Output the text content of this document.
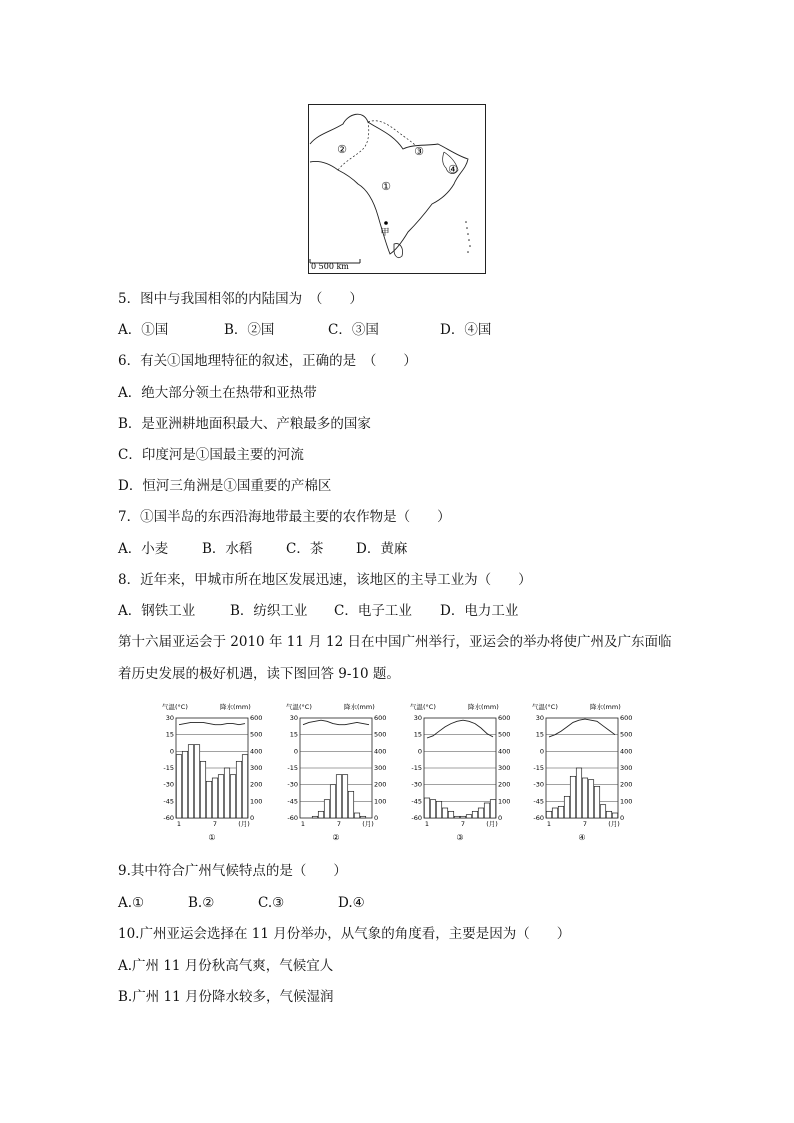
①
②	③
④
甲
0 500 km
5．图中与我国相邻的内陆国为　（　　）
A．①国	B．②国	C．③国	D．④国
6．有关①国地理特征的叙述，正确的是　（　　）
A．绝大部分领土在热带和亚热带
B．是亚洲耕地面积最大、产粮最多的国家
C．印度河是①国最主要的河流
D．恒河三角洲是①国重要的产棉区
7．①国半岛的东西沿海地带最主要的农作物是（　　）
A．小麦	B．水稻	C．茶	D．黄麻
8．近年来，甲城市所在地区发展迅速，该地区的主导工业为（　　）
A．钢铁工业	B．纺织工业	C．电子工业	D．电力工业
第十六届亚运会于 2010 年 11 月 12 日在中国广州举行，亚运会的举办将使广州及广东面临
着历史发展的极好机遇，读下图回答 9-10 题。
气温(°C)	降水(mm)
30	600
15	500
0	400
-15	300
-30	200
-45	100
-60	0
1	7	(月)
①
气温(°C)	降水(mm)
30	600
15	500
0	400
-15	300
-30	200
-45	100
-60	0
1	7	(月)
②
气温(°C)	降水(mm)
30	600
15	500
0	400
-15	300
-30	200
-45	100
-60	0
1	7	(月)
③
气温(°C)	降水(mm)
30	600
15	500
0	400
-15	300
-30	200
-45	100
-60	0
1	7	(月)
④
9.其中符合广州气候特点的是（　　）
A.①	B.②	C.③	D.④
10.广州亚运会选择在 11 月份举办，从气象的角度看，主要是因为（　　）
A.广州 11 月份秋高气爽，气候宜人
B.广州 11 月份降水较多，气候湿润
